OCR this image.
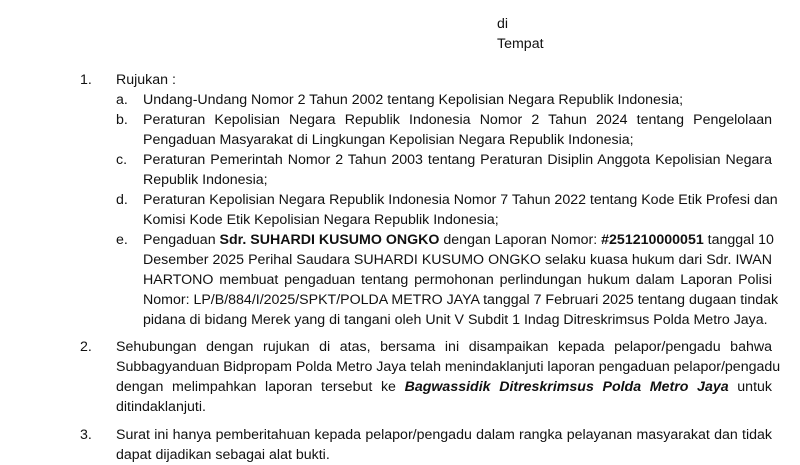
di
Tempat
1. Rujukan :
a. Undang-Undang Nomor 2 Tahun 2002 tentang Kepolisian Negara Republik Indonesia;
b. Peraturan Kepolisian Negara Republik Indonesia Nomor 2 Tahun 2024 tentang Pengelolaan
Pengaduan Masyarakat di Lingkungan Kepolisian Negara Republik Indonesia;
c. Peraturan Pemerintah Nomor 2 Tahun 2003 tentang Peraturan Disiplin Anggota Kepolisian Negara
Republik Indonesia;
d. Peraturan Kepolisian Negara Republik Indonesia Nomor 7 Tahun 2022 tentang Kode Etik Profesi dan
Komisi Kode Etik Kepolisian Negara Republik Indonesia;
e. Pengaduan Sdr. SUHARDI KUSUMO ONGKO dengan Laporan Nomor: #251210000051 tanggal 10
Desember 2025 Perihal Saudara SUHARDI KUSUMO ONGKO selaku kuasa hukum dari Sdr. IWAN
HARTONO membuat pengaduan tentang permohonan perlindungan hukum dalam Laporan Polisi
Nomor: LP/B/884/I/2025/SPKT/POLDA METRO JAYA tanggal 7 Februari 2025 tentang dugaan tindak
pidana di bidang Merek yang di tangani oleh Unit V Subdit 1 Indag Ditreskrimsus Polda Metro Jaya.
2. Sehubungan dengan rujukan di atas, bersama ini disampaikan kepada pelapor/pengadu bahwa
Subbagyanduan Bidpropam Polda Metro Jaya telah menindaklanjuti laporan pengaduan pelapor/pengadu
dengan melimpahkan laporan tersebut ke Bagwassidik Ditreskrimsus Polda Metro Jaya untuk
ditindaklanjuti.
3. Surat ini hanya pemberitahuan kepada pelapor/pengadu dalam rangka pelayanan masyarakat dan tidak
dapat dijadikan sebagai alat bukti.
